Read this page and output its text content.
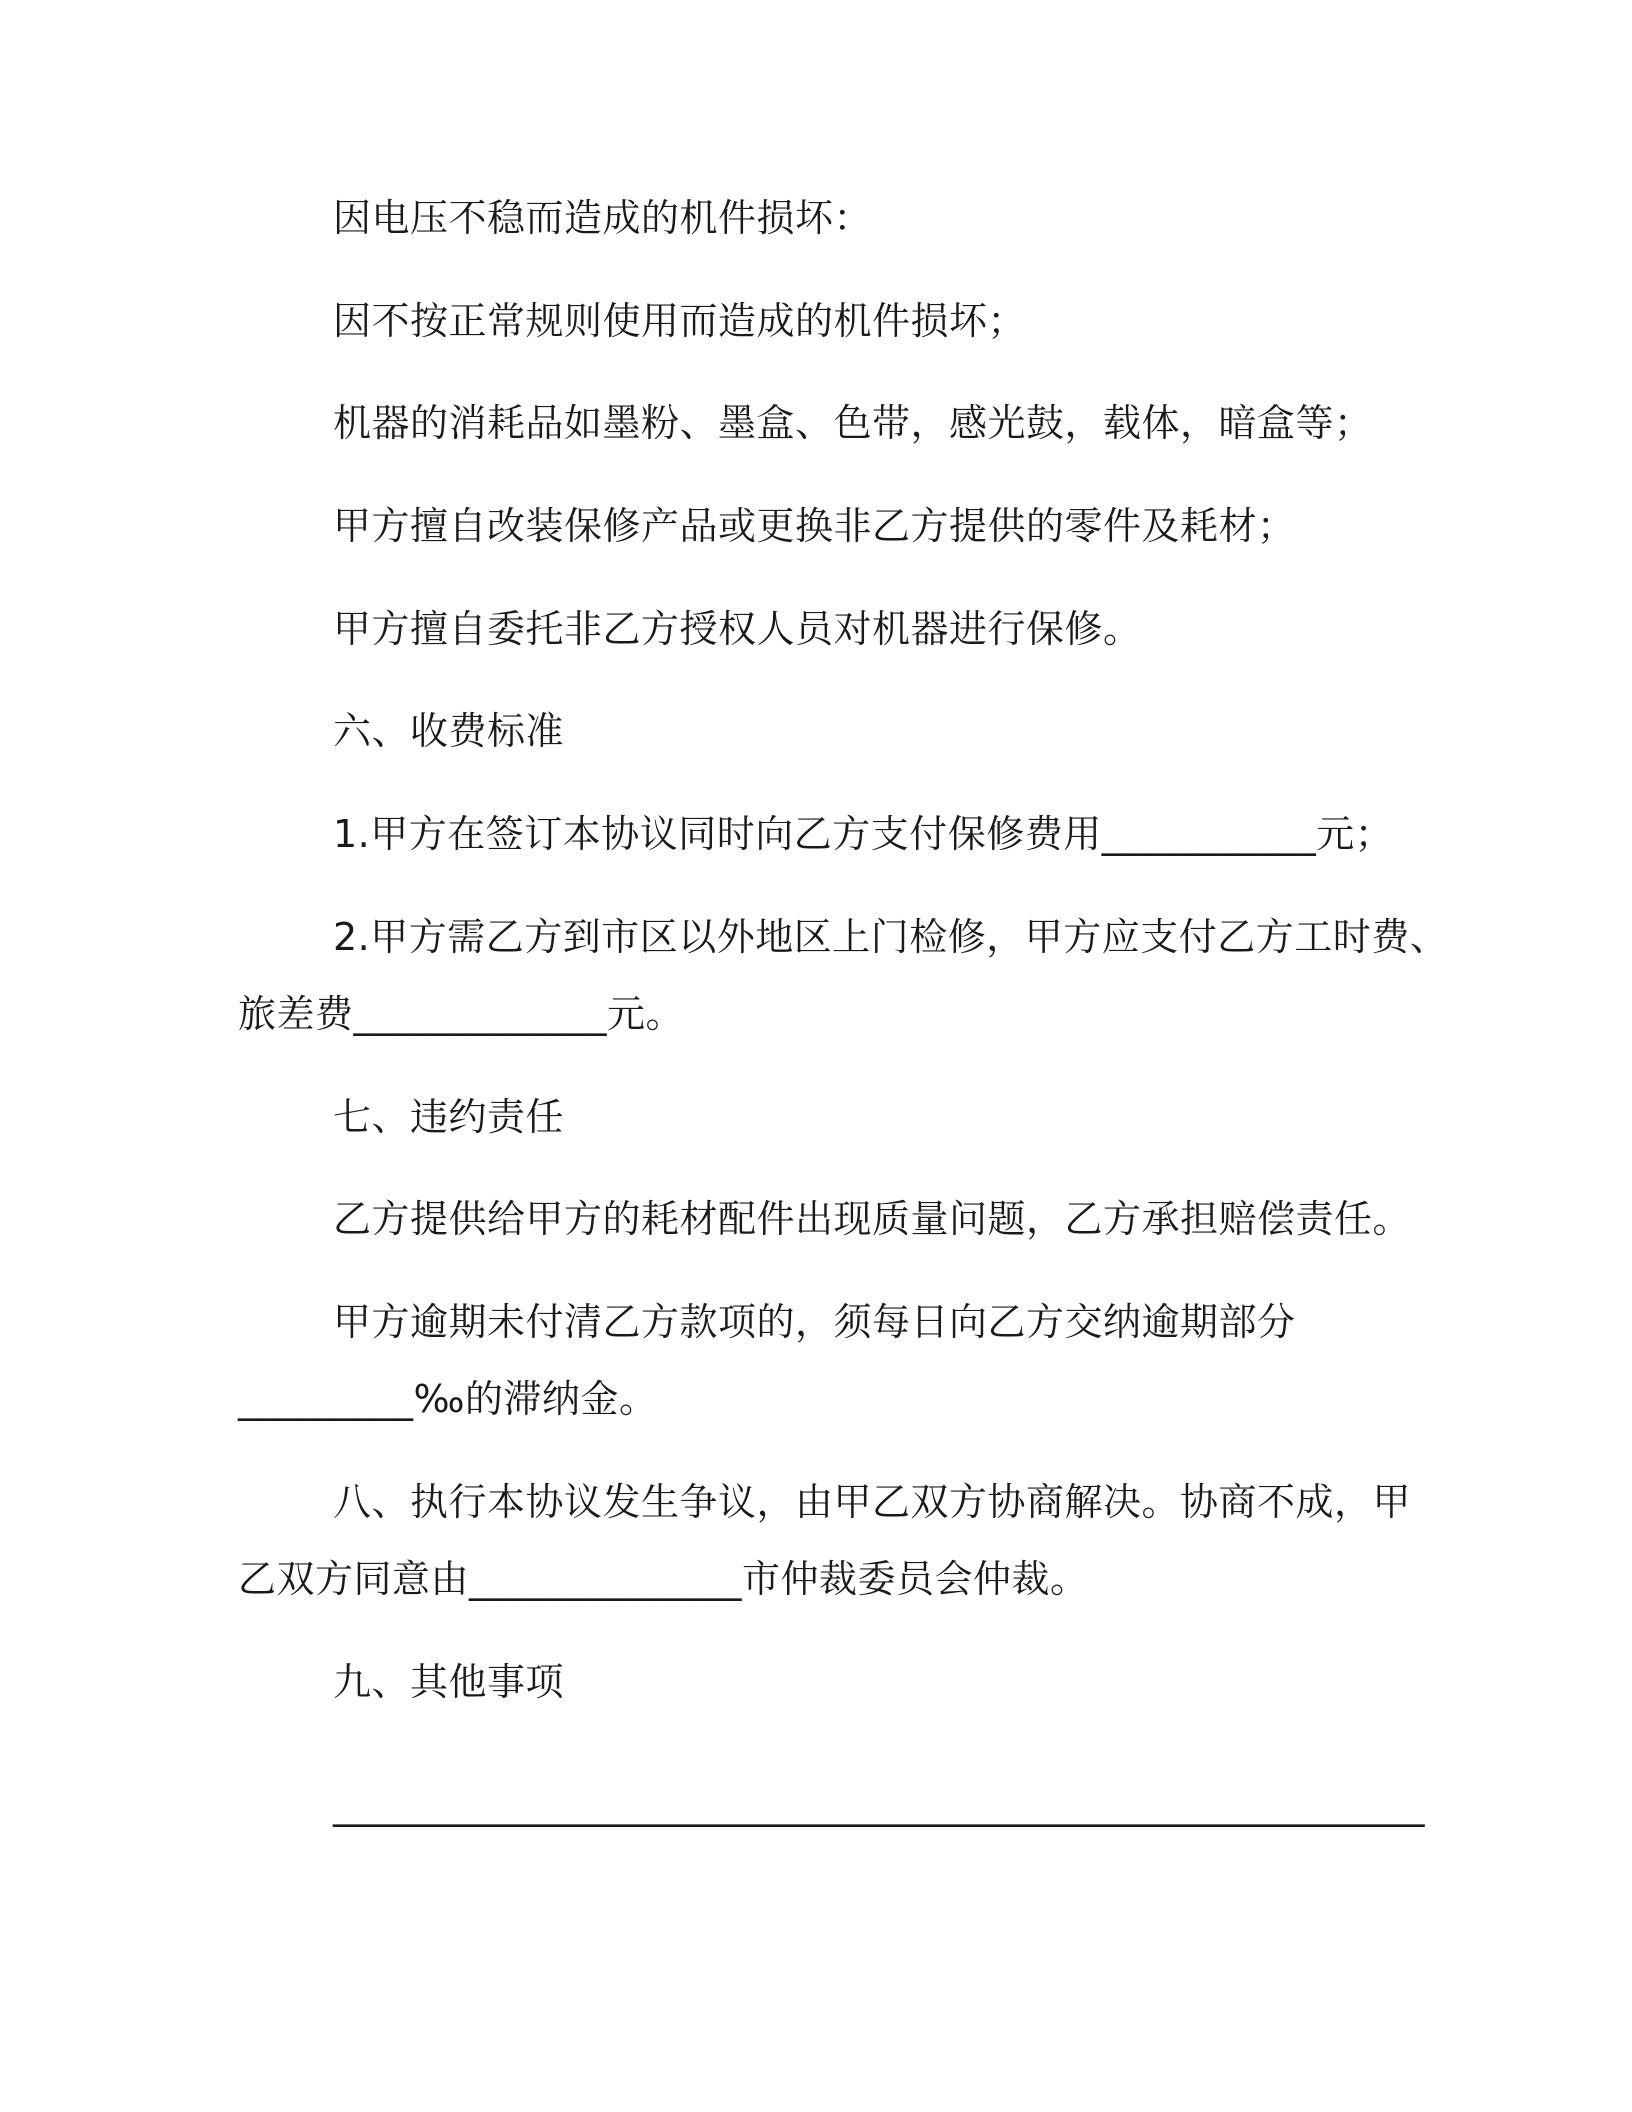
因电压不稳而造成的机件损坏：
因不按正常规则使用而造成的机件损坏；
机器的消耗品如墨粉、墨盒、色带，感光鼓，载体，暗盒等；
甲方擅自改装保修产品或更换非乙方提供的零件及耗材；
甲方擅自委托非乙方授权人员对机器进行保修。
六、收费标准
1.甲方在签订本协议同时向乙方支付保修费用___________元；
2.甲方需乙方到市区以外地区上门检修，甲方应支付乙方工时费、
旅差费_____________元。
七、违约责任
乙方提供给甲方的耗材配件出现质量问题，乙方承担赔偿责任。
甲方逾期未付清乙方款项的，须每日向乙方交纳逾期部分
_________‰的滞纳金。
八、执行本协议发生争议，由甲乙双方协商解决。协商不成，甲
乙双方同意由______________市仲裁委员会仲裁。
九、其他事项
________________________________________________________
